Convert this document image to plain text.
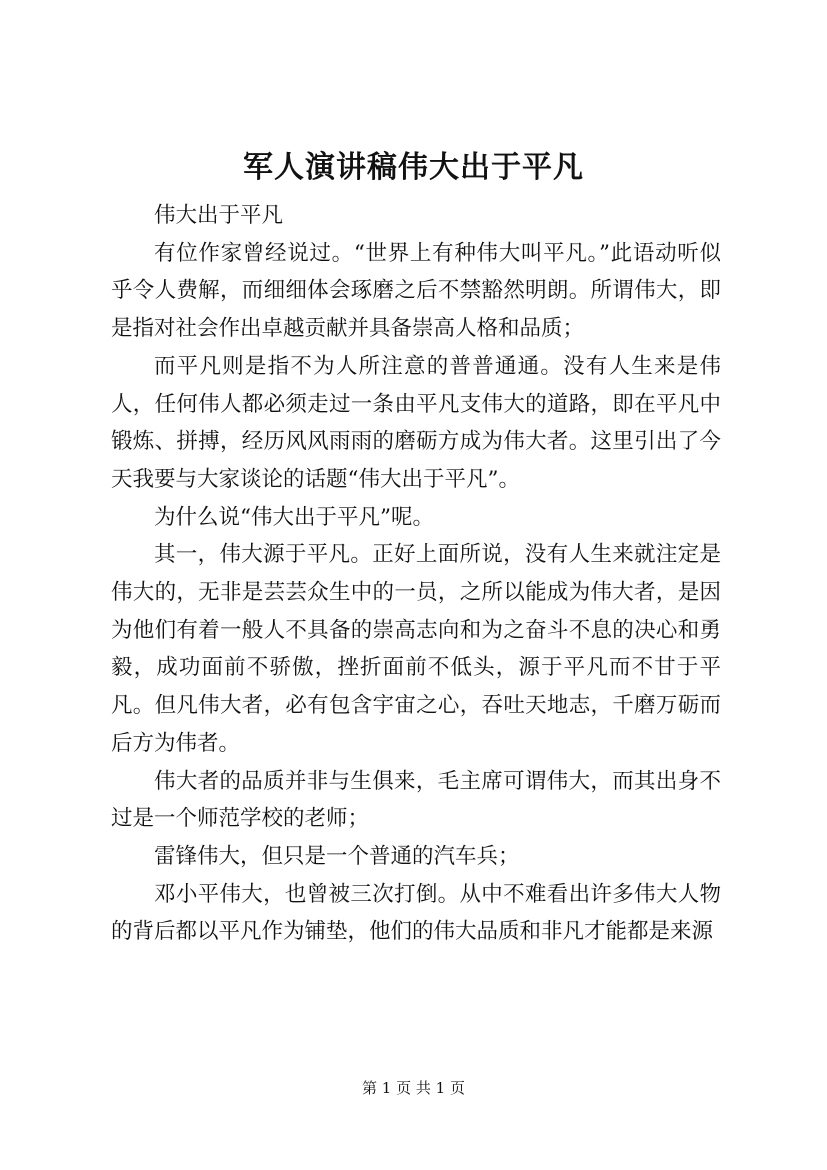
军人演讲稿伟大出于平凡

伟大出于平凡

有位作家曾经说过。“世界上有种伟大叫平凡。”此语动听似乎令人费解，而细细体会琢磨之后不禁豁然明朗。所谓伟大，即是指对社会作出卓越贡献并具备崇高人格和品质；

而平凡则是指不为人所注意的普普通通。没有人生来是伟人，任何伟人都必须走过一条由平凡支伟大的道路，即在平凡中锻炼、拼搏，经历风风雨雨的磨砺方成为伟大者。这里引出了今天我要与大家谈论的话题“伟大出于平凡”。

为什么说“伟大出于平凡”呢。

其一，伟大源于平凡。正好上面所说，没有人生来就注定是伟大的，无非是芸芸众生中的一员，之所以能成为伟大者，是因为他们有着一般人不具备的崇高志向和为之奋斗不息的决心和勇毅，成功面前不骄傲，挫折面前不低头，源于平凡而不甘于平凡。但凡伟大者，必有包含宇宙之心，吞吐天地志，千磨万砺而后方为伟者。

伟大者的品质并非与生俱来，毛主席可谓伟大，而其出身不过是一个师范学校的老师；

雷锋伟大，但只是一个普通的汽车兵；

邓小平伟大，也曾被三次打倒。从中不难看出许多伟大人物的背后都以平凡作为铺垫，他们的伟大品质和非凡才能都是来源

第 1 页 共 1 页
